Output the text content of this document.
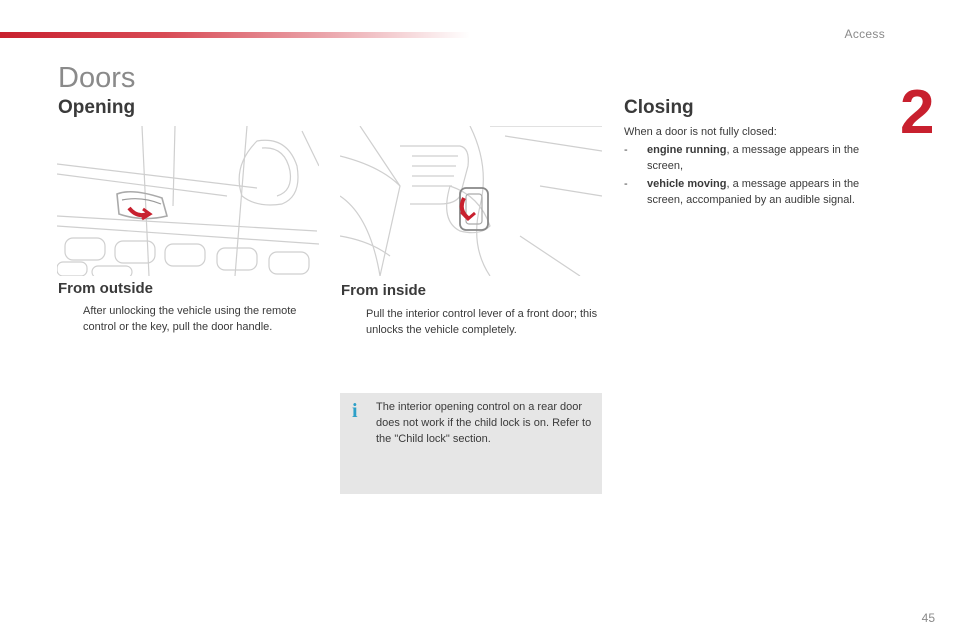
Access
2
Doors
Opening	Closing
From outside
After unlocking the vehicle using the remote control or the key, pull the door handle.
From inside
Pull the interior control lever of a front door; this unlocks the vehicle completely.
i The interior opening control on a rear door does not work if the child lock is on. Refer to the "Child lock" section.
When a door is not fully closed:
- engine running, a message appears in the screen,
- vehicle moving, a message appears in the screen, accompanied by an audible signal.
45
